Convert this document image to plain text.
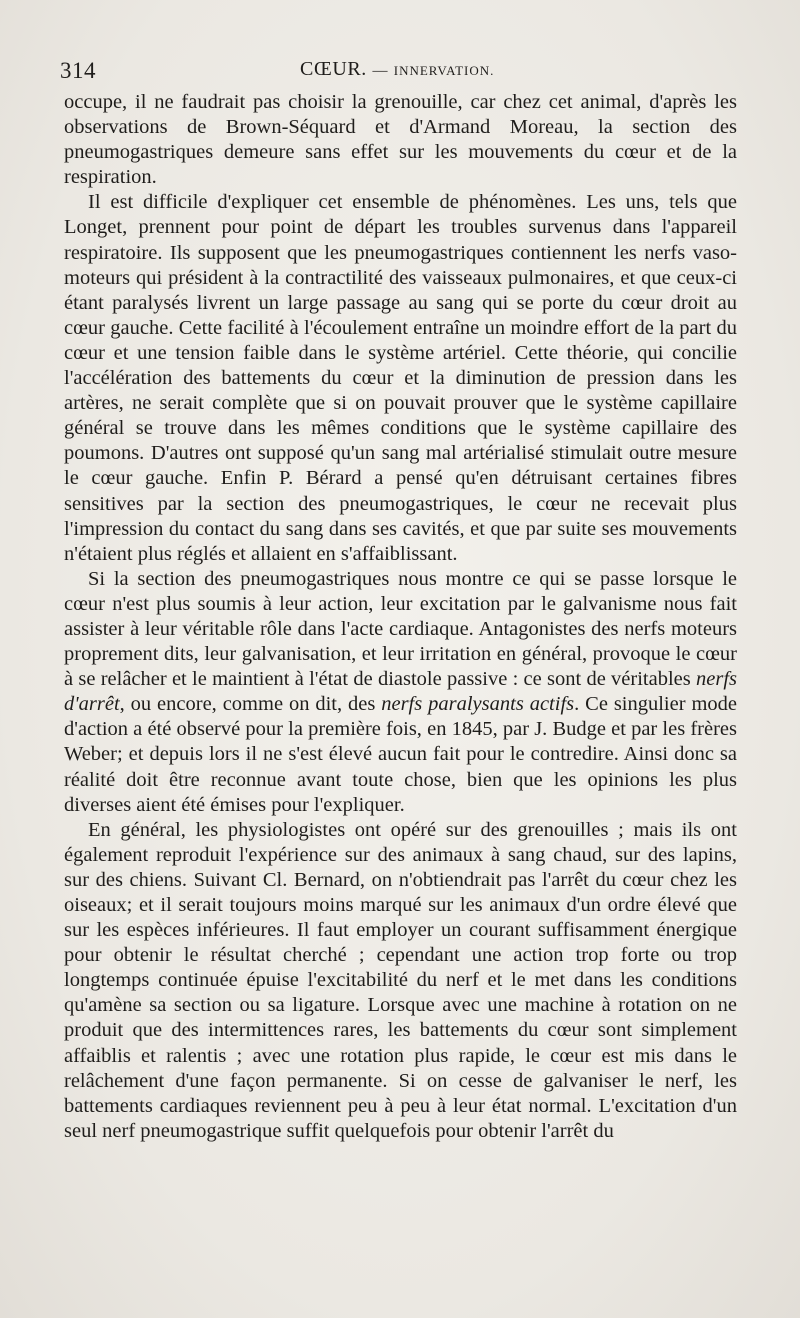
314	CŒUR. — INNERVATION.

occupe, il ne faudrait pas choisir la grenouille, car chez cet animal, d'après les observations de Brown-Séquard et d'Armand Moreau, la section des pneumogastriques demeure sans effet sur les mouvements du cœur et de la respiration.

Il est difficile d'expliquer cet ensemble de phénomènes. Les uns, tels que Longet, prennent pour point de départ les troubles survenus dans l'appareil respiratoire. Ils supposent que les pneumogastriques contiennent les nerfs vaso-moteurs qui président à la contractilité des vaisseaux pulmonaires, et que ceux-ci étant paralysés livrent un large passage au sang qui se porte du cœur droit au cœur gauche. Cette facilité à l'écoulement entraîne un moindre effort de la part du cœur et une tension faible dans le système artériel. Cette théorie, qui concilie l'accélération des battements du cœur et la diminution de pression dans les artères, ne serait complète que si on pouvait prouver que le système capillaire général se trouve dans les mêmes conditions que le système capillaire des poumons. D'autres ont supposé qu'un sang mal artérialisé stimulait outre mesure le cœur gauche. Enfin P. Bérard a pensé qu'en détruisant certaines fibres sensitives par la section des pneumogastriques, le cœur ne recevait plus l'impression du contact du sang dans ses cavités, et que par suite ses mouvements n'étaient plus réglés et allaient en s'affaiblissant.

Si la section des pneumogastriques nous montre ce qui se passe lorsque le cœur n'est plus soumis à leur action, leur excitation par le galvanisme nous fait assister à leur véritable rôle dans l'acte cardiaque. Antagonistes des nerfs moteurs proprement dits, leur galvanisation, et leur irritation en général, provoque le cœur à se relâcher et le maintient à l'état de diastole passive : ce sont de véritables nerfs d'arrêt, ou encore, comme on dit, des nerfs paralysants actifs. Ce singulier mode d'action a été observé pour la première fois, en 1845, par J. Budge et par les frères Weber; et depuis lors il ne s'est élevé aucun fait pour le contredire. Ainsi donc sa réalité doit être reconnue avant toute chose, bien que les opinions les plus diverses aient été émises pour l'expliquer.

En général, les physiologistes ont opéré sur des grenouilles ; mais ils ont également reproduit l'expérience sur des animaux à sang chaud, sur des lapins, sur des chiens. Suivant Cl. Bernard, on n'obtiendrait pas l'arrêt du cœur chez les oiseaux; et il serait toujours moins marqué sur les animaux d'un ordre élevé que sur les espèces inférieures. Il faut employer un courant suffisamment énergique pour obtenir le résultat cherché ; cependant une action trop forte ou trop longtemps continuée épuise l'excitabilité du nerf et le met dans les conditions qu'amène sa section ou sa ligature. Lorsque avec une machine à rotation on ne produit que des intermittences rares, les battements du cœur sont simplement affaiblis et ralentis ; avec une rotation plus rapide, le cœur est mis dans le relâchement d'une façon permanente. Si on cesse de galvaniser le nerf, les battements cardiaques reviennent peu à peu à leur état normal. L'excitation d'un seul nerf pneumogastrique suffit quelquefois pour obtenir l'arrêt du
